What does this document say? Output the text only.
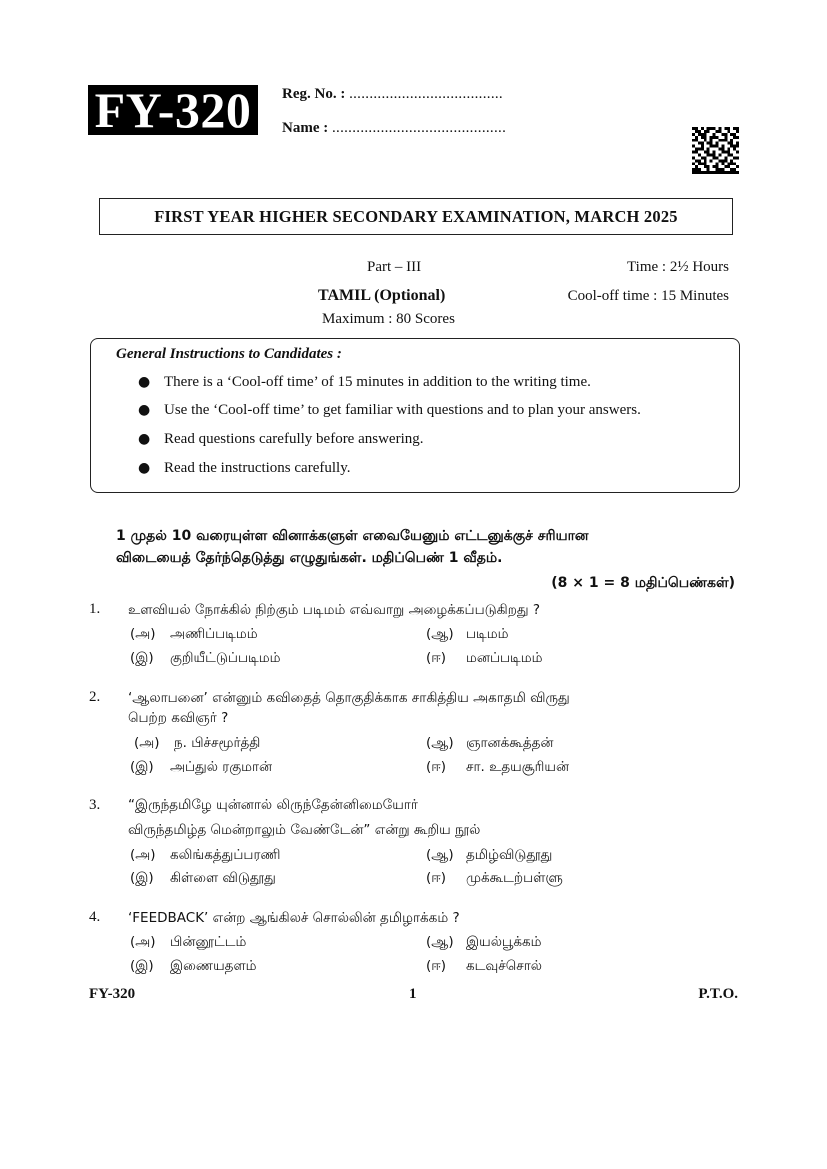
FY-320	Reg. No. : ......................................
Name : ...........................................
FIRST YEAR HIGHER SECONDARY EXAMINATION, MARCH 2025
Part – III
TAMIL (Optional)
Maximum : 80 Scores
Time : 2½ Hours
Cool-off time : 15 Minutes
General Instructions to Candidates :
● There is a ‘Cool-off time’ of 15 minutes in addition to the writing time.
● Use the ‘Cool-off time’ to get familiar with questions and to plan your answers.
● Read questions carefully before answering.
● Read the instructions carefully.
1 முதல் 10 வரையுள்ள வினாக்களுள் எவையேனும் எட்டனுக்குச் சரியான
விடையைத் தேர்ந்தெடுத்து எழுதுங்கள். மதிப்பெண் 1 வீதம்.
(8 × 1 = 8 மதிப்பெண்கள்)
1. உளவியல் நோக்கில் நிற்கும் படிமம் எவ்வாறு அழைக்கப்படுகிறது ?
(அ) அணிப்படிமம்	(ஆ) படிமம்
(இ) குறியீட்டுப்படிமம்	(ஈ) மனப்படிமம்
2. ‘ஆலாபனை’ என்னும் கவிதைத் தொகுதிக்காக சாகித்திய அகாதமி விருது
பெற்ற கவிஞர் ?
(அ) ந. பிச்சமூர்த்தி	(ஆ) ஞானக்கூத்தன்
(இ) அப்துல் ரகுமான்	(ஈ) சா. உதயசூரியன்
3. “இருந்தமிழே யுன்னால் லிருந்தேன்னிமையோர்
விருந்தமிழ்த மென்றாலும் வேண்டேன்” என்று கூறிய நூல்
(அ) கலிங்கத்துப்பரணி	(ஆ) தமிழ்விடுதூது
(இ) கிள்ளை விடுதூது	(ஈ) முக்கூடற்பள்ளு
4. ‘FEEDBACK’ என்ற ஆங்கிலச் சொல்லின் தமிழாக்கம் ?
(அ) பின்னூட்டம்	(ஆ) இயல்பூக்கம்
(இ) இணையதளம்	(ஈ) கடவுச்சொல்
FY-320	1	P.T.O.
